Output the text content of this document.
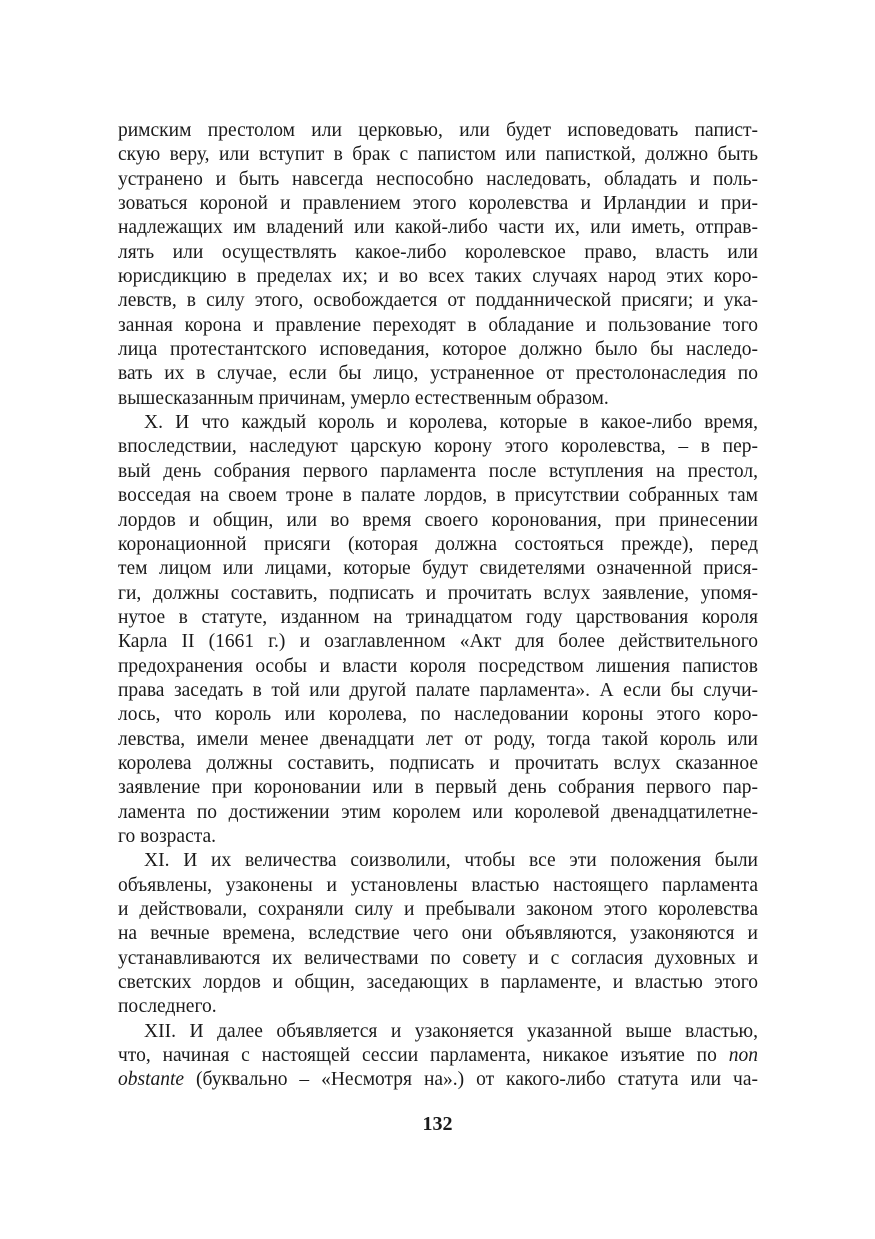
римским престолом или церковью, или будет исповедовать папист-
скую веру, или вступит в брак с папистом или паписткой, должно быть
устранено и быть навсегда неспособно наследовать, обладать и поль-
зоваться короной и правлением этого королевства и Ирландии и при-
надлежащих им владений или какой-либо части их, или иметь, отправ-
лять или осуществлять какое-либо королевское право, власть или
юрисдикцию в пределах их; и во всех таких случаях народ этих коро-
левств, в силу этого, освобождается от подданнической присяги; и ука-
занная корона и правление переходят в обладание и пользование того
лица протестантского исповедания, которое должно было бы наследо-
вать их в случае, если бы лицо, устраненное от престолонаследия по
вышесказанным причинам, умерло естественным образом.
X. И что каждый король и королева, которые в какое-либо время,
впоследствии, наследуют царскую корону этого королевства, – в пер-
вый день собрания первого парламента после вступления на престол,
восседая на своем троне в палате лордов, в присутствии собранных там
лордов и общин, или во время своего коронования, при принесении
коронационной присяги (которая должна состояться прежде), перед
тем лицом или лицами, которые будут свидетелями означенной прися-
ги, должны составить, подписать и прочитать вслух заявление, упомя-
нутое в статуте, изданном на тринадцатом году царствования короля
Карла II (1661 г.) и озаглавленном «Акт для более действительного
предохранения особы и власти короля посредством лишения папистов
права заседать в той или другой палате парламента». А если бы случи-
лось, что король или королева, по наследовании короны этого коро-
левства, имели менее двенадцати лет от роду, тогда такой король или
королева должны составить, подписать и прочитать вслух сказанное
заявление при короновании или в первый день собрания первого пар-
ламента по достижении этим королем или королевой двенадцатилетне-
го возраста.
XI. И их величества соизволили, чтобы все эти положения были
объявлены, узаконены и установлены властью настоящего парламента
и действовали, сохраняли силу и пребывали законом этого королевства
на вечные времена, вследствие чего они объявляются, узаконяются и
устанавливаются их величествами по совету и с согласия духовных и
светских лордов и общин, заседающих в парламенте, и властью этого
последнего.
XII. И далее объявляется и узаконяется указанной выше властью,
что, начиная с настоящей сессии парламента, никакое изъятие по non
obstante (буквально – «Несмотря на».) от какого-либо статута или ча-
132
